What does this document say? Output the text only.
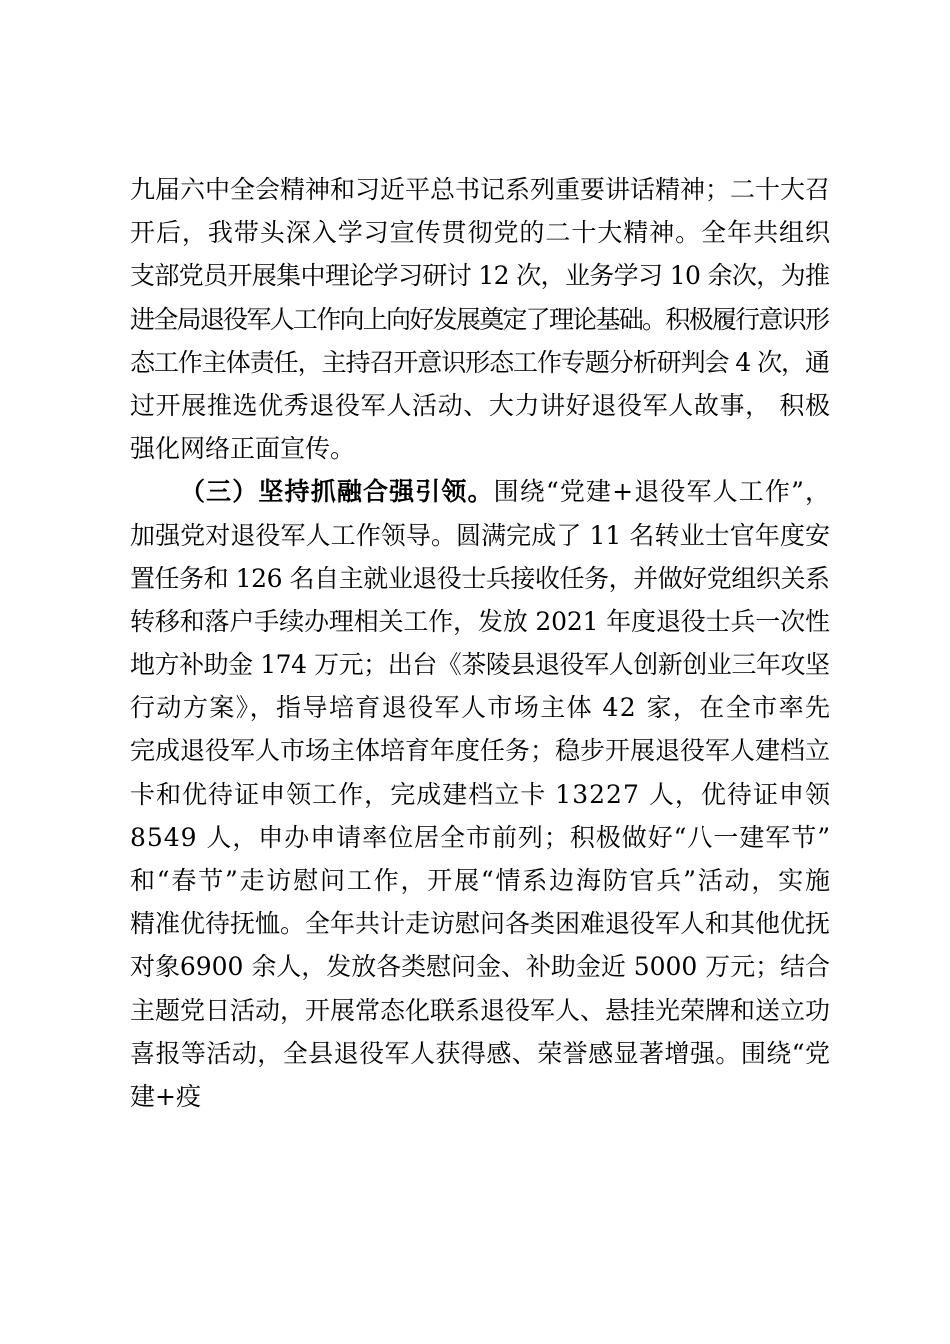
九届六中全会精神和习近平总书记系列重要讲话精神；二十大召
开后，我带头深入学习宣传贯彻党的二十大精神。全年共组织
支部党员开展集中理论学习研讨 12 次，业务学习 10 余次，为推
进全局退役军人工作向上向好发展奠定了理论基础。积极履行意识形
态工作主体责任，主持召开意识形态工作专题分析研判会 4 次，通
过开展推选优秀退役军人活动、大力讲好退役军人故事， 积极
强化网络正面宣传。
（三）坚持抓融合强引领。围绕“党建+退役军人工作”，
加强党对退役军人工作领导。圆满完成了 11 名转业士官年度安
置任务和 126 名自主就业退役士兵接收任务，并做好党组织关系
转移和落户手续办理相关工作，发放 2021 年度退役士兵一次性
地方补助金 174 万元；出台《茶陵县退役军人创新创业三年攻坚
行动方案》，指导培育退役军人市场主体 42 家，在全市率先
完成退役军人市场主体培育年度任务；稳步开展退役军人建档立
卡和优待证申领工作，完成建档立卡 13227 人，优待证申领
8549 人，申办申请率位居全市前列；积极做好“八一建军节”
和“春节”走访慰问工作，开展“情系边海防官兵”活动，实施
精准优待抚恤。全年共计走访慰问各类困难退役军人和其他优抚
对象6900 余人，发放各类慰问金、补助金近 5000 万元；结合
主题党日活动，开展常态化联系退役军人、悬挂光荣牌和送立功
喜报等活动，全县退役军人获得感、荣誉感显著增强。围绕“党
建+疫
